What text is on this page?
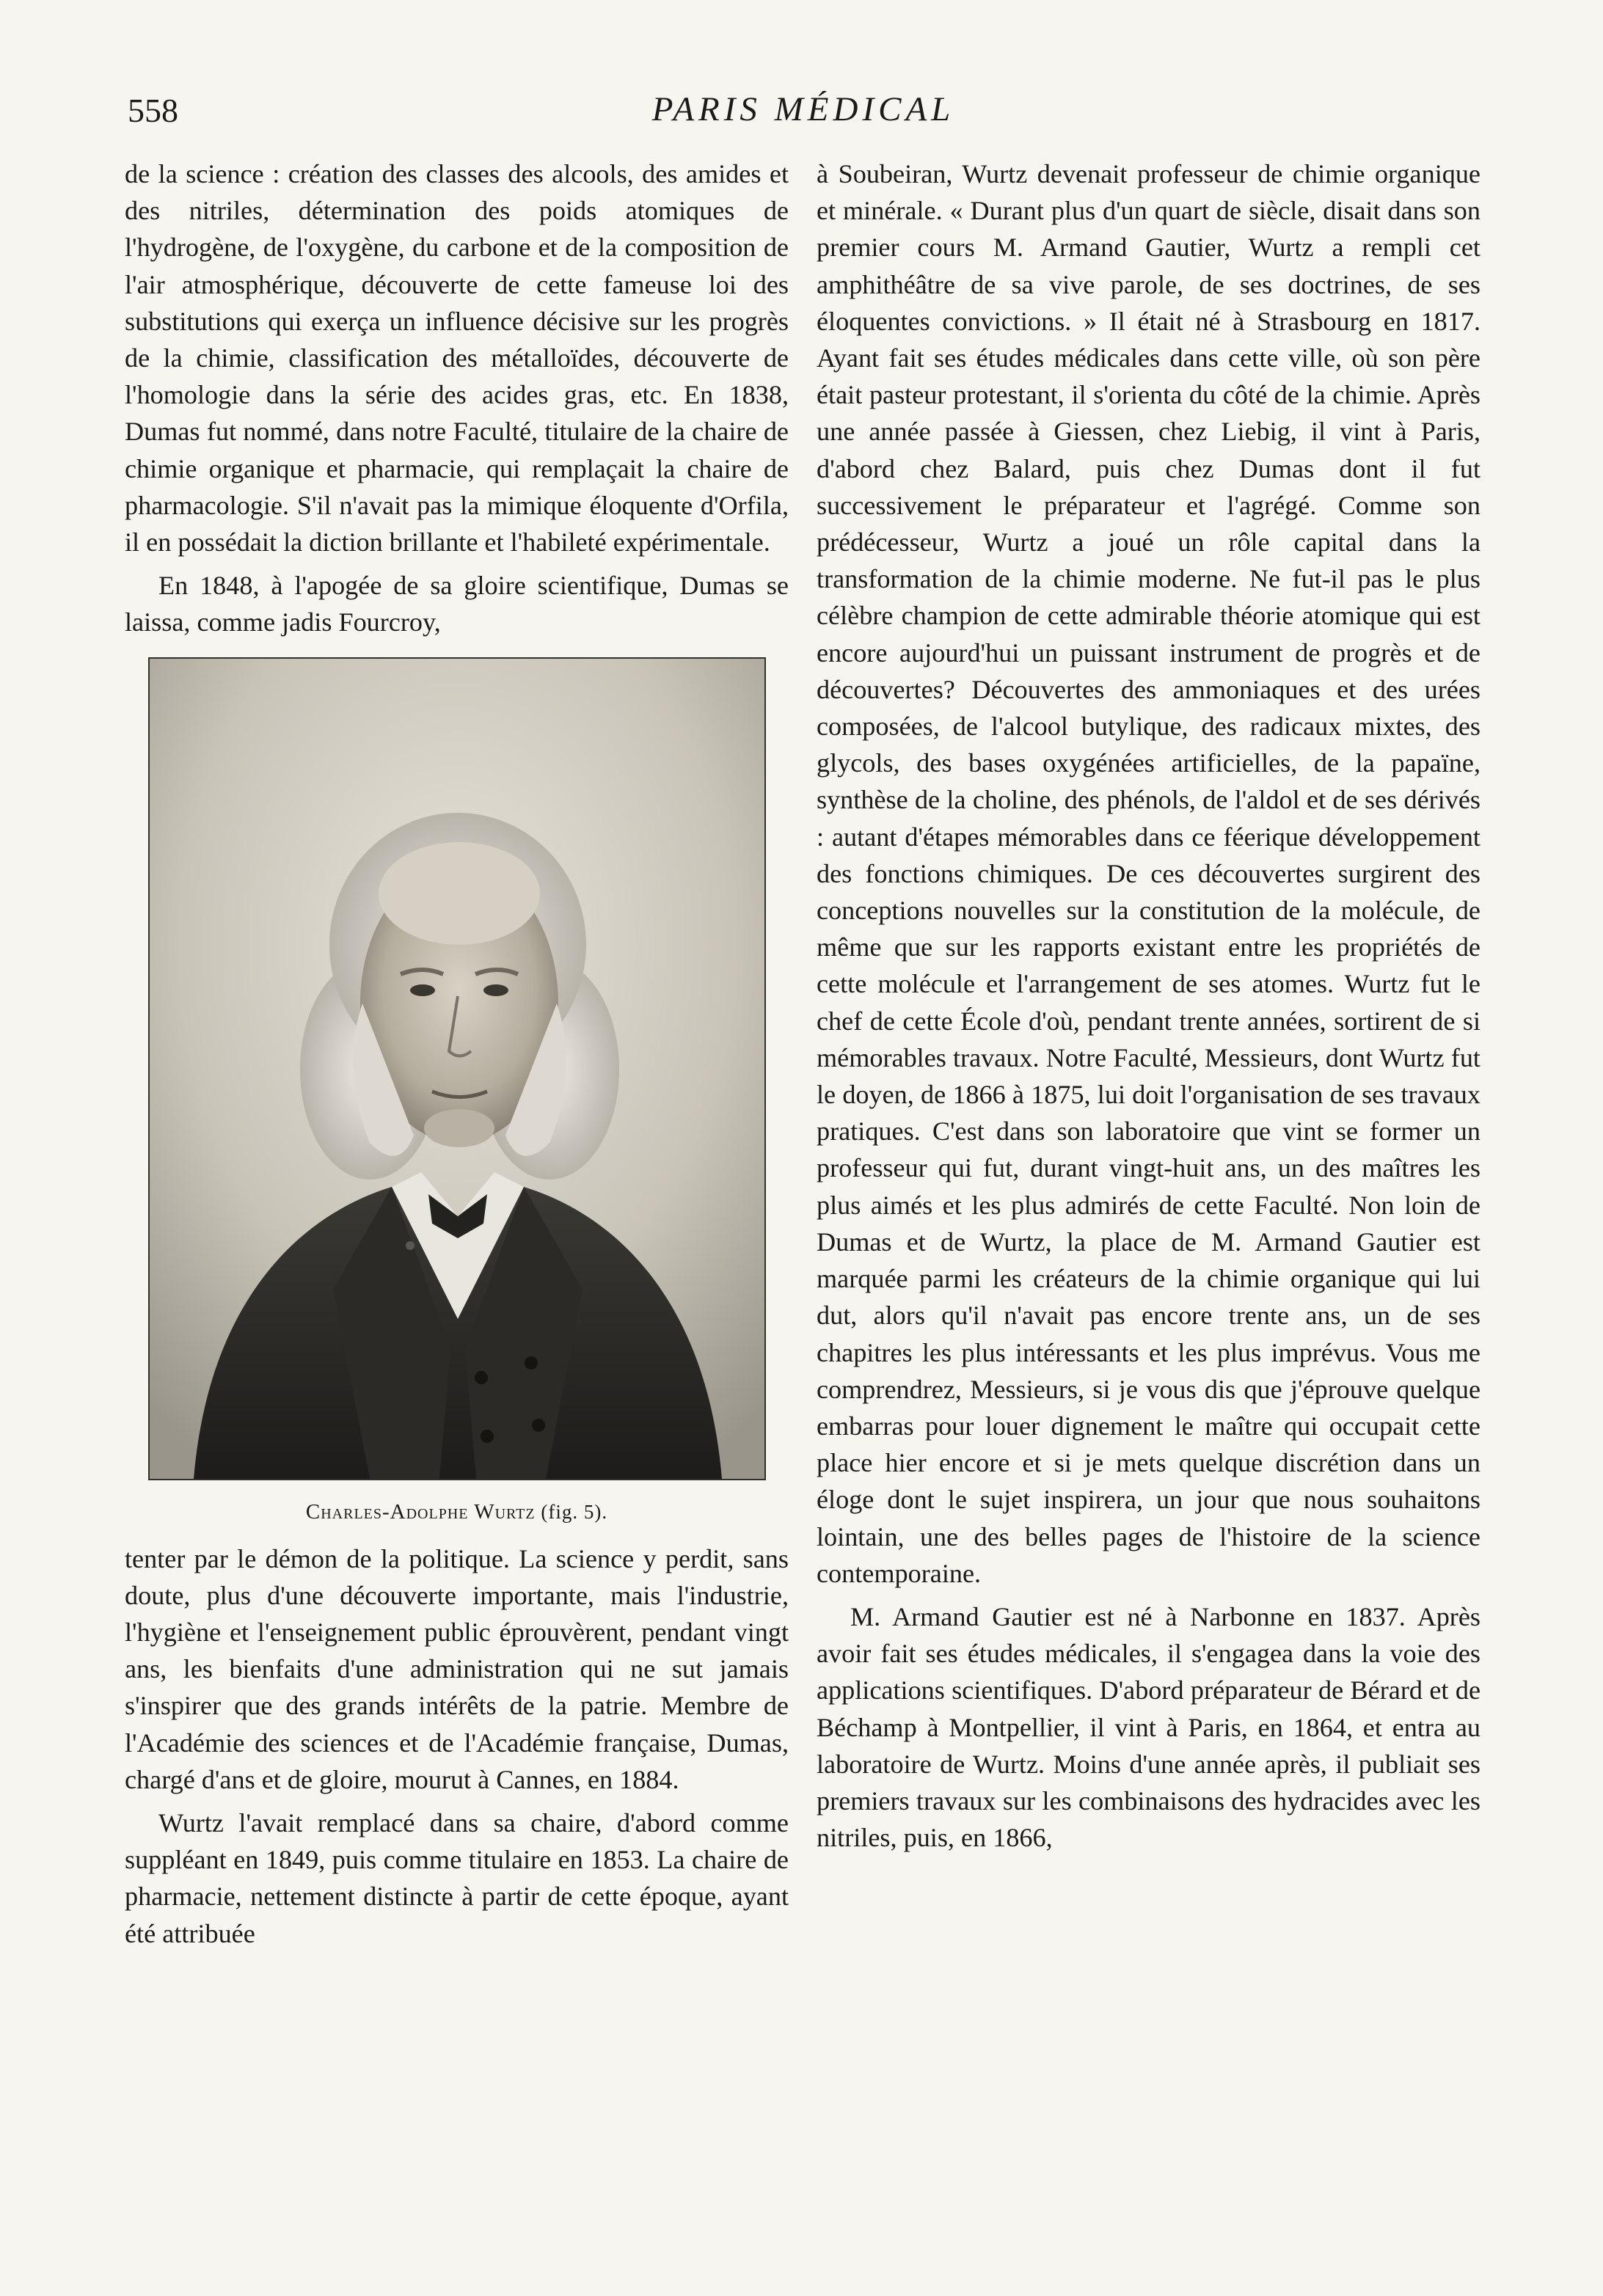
558	PARIS MÉDICAL

de la science : création des classes des alcools, des amides et des nitriles, détermination des poids atomiques de l'hydrogène, de l'oxygène, du carbone et de la composition de l'air atmosphérique, découverte de cette fameuse loi des substitutions qui exerça un influence décisive sur les progrès de la chimie, classification des métalloïdes, découverte de l'homologie dans la série des acides gras, etc. En 1838, Dumas fut nommé, dans notre Faculté, titulaire de la chaire de chimie organique et pharmacie, qui remplaçait la chaire de pharmacologie. S'il n'avait pas la mimique éloquente d'Orfila, il en possédait la diction brillante et l'habileté expérimentale.

En 1848, à l'apogée de sa gloire scientifique, Dumas se laissa, comme jadis Fourcroy,

Charles-Adolphe Wurtz (fig. 5).

tenter par le démon de la politique. La science y perdit, sans doute, plus d'une découverte importante, mais l'industrie, l'hygiène et l'enseignement public éprouvèrent, pendant vingt ans, les bienfaits d'une administration qui ne sut jamais s'inspirer que des grands intérêts de la patrie. Membre de l'Académie des sciences et de l'Académie française, Dumas, chargé d'ans et de gloire, mourut à Cannes, en 1884.

Wurtz l'avait remplacé dans sa chaire, d'abord comme suppléant en 1849, puis comme titulaire en 1853. La chaire de pharmacie, nettement distincte à partir de cette époque, ayant été attribuée

à Soubeiran, Wurtz devenait professeur de chimie organique et minérale. « Durant plus d'un quart de siècle, disait dans son premier cours M. Armand Gautier, Wurtz a rempli cet amphithéâtre de sa vive parole, de ses doctrines, de ses éloquentes convictions. » Il était né à Strasbourg en 1817. Ayant fait ses études médicales dans cette ville, où son père était pasteur protestant, il s'orienta du côté de la chimie. Après une année passée à Giessen, chez Liebig, il vint à Paris, d'abord chez Balard, puis chez Dumas dont il fut successivement le préparateur et l'agrégé. Comme son prédécesseur, Wurtz a joué un rôle capital dans la transformation de la chimie moderne. Ne fut-il pas le plus célèbre champion de cette admirable théorie atomique qui est encore aujourd'hui un puissant instrument de progrès et de découvertes? Découvertes des ammoniaques et des urées composées, de l'alcool butylique, des radicaux mixtes, des glycols, des bases oxygénées artificielles, de la papaïne, synthèse de la choline, des phénols, de l'aldol et de ses dérivés : autant d'étapes mémorables dans ce féerique développement des fonctions chimiques. De ces découvertes surgirent des conceptions nouvelles sur la constitution de la molécule, de même que sur les rapports existant entre les propriétés de cette molécule et l'arrangement de ses atomes. Wurtz fut le chef de cette École d'où, pendant trente années, sortirent de si mémorables travaux. Notre Faculté, Messieurs, dont Wurtz fut le doyen, de 1866 à 1875, lui doit l'organisation de ses travaux pratiques. C'est dans son laboratoire que vint se former un professeur qui fut, durant vingt-huit ans, un des maîtres les plus aimés et les plus admirés de cette Faculté. Non loin de Dumas et de Wurtz, la place de M. Armand Gautier est marquée parmi les créateurs de la chimie organique qui lui dut, alors qu'il n'avait pas encore trente ans, un de ses chapitres les plus intéressants et les plus imprévus. Vous me comprendrez, Messieurs, si je vous dis que j'éprouve quelque embarras pour louer dignement le maître qui occupait cette place hier encore et si je mets quelque discrétion dans un éloge dont le sujet inspirera, un jour que nous souhaitons lointain, une des belles pages de l'histoire de la science contemporaine.

M. Armand Gautier est né à Narbonne en 1837. Après avoir fait ses études médicales, il s'engagea dans la voie des applications scientifiques. D'abord préparateur de Bérard et de Béchamp à Montpellier, il vint à Paris, en 1864, et entra au laboratoire de Wurtz. Moins d'une année après, il publiait ses premiers travaux sur les combinaisons des hydracides avec les nitriles, puis, en 1866,
